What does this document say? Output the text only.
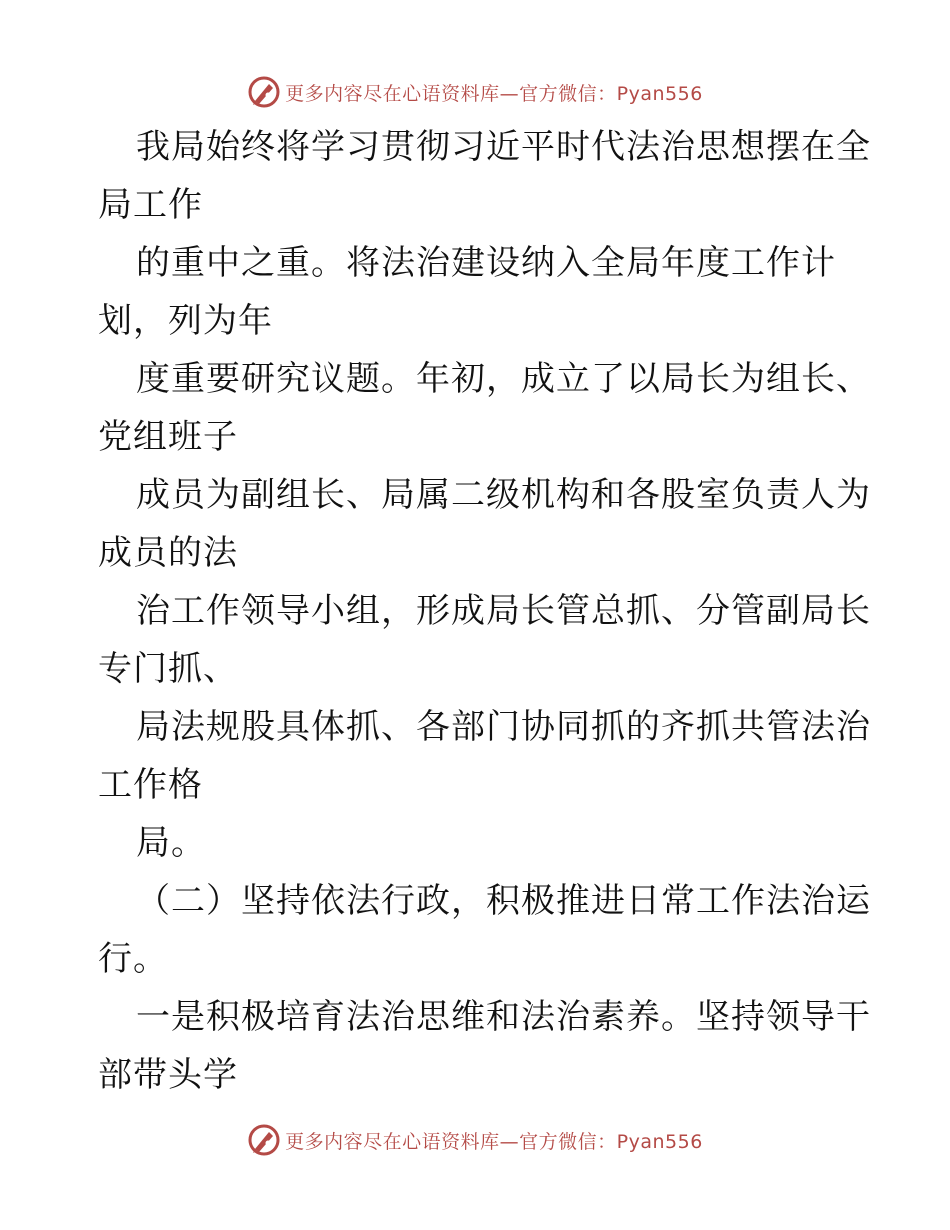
更多内容尽在心语资料库—官方微信：Pyan556
我局始终将学习贯彻习近平时代法治思想摆在全
局工作
的重中之重。将法治建设纳入全局年度工作计
划，列为年
度重要研究议题。年初，成立了以局长为组长、
党组班子
成员为副组长、局属二级机构和各股室负责人为
成员的法
治工作领导小组，形成局长管总抓、分管副局长
专门抓、
局法规股具体抓、各部门协同抓的齐抓共管法治
工作格
局。
（二）坚持依法行政，积极推进日常工作法治运
行。
一是积极培育法治思维和法治素养。坚持领导干
部带头学
更多内容尽在心语资料库—官方微信：Pyan556
